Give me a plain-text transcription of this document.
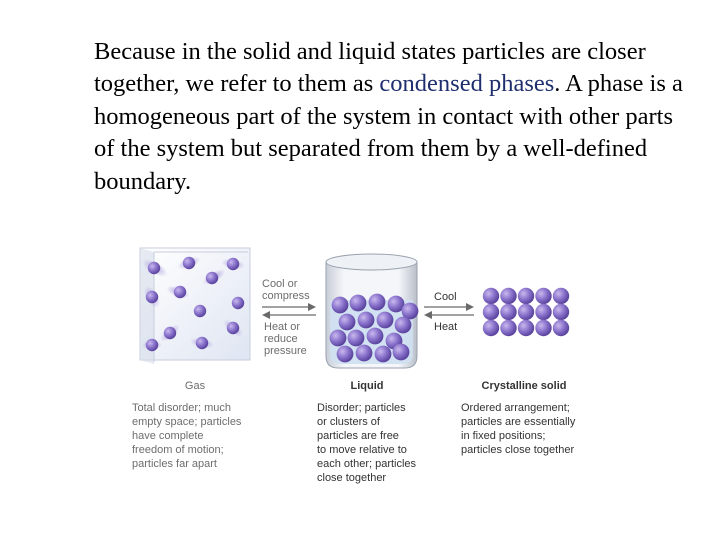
Because in the solid and liquid states particles are closer together, we refer to them as condensed phases. A phase is a homogeneous part of the system in contact with other parts of the system but separated from them by a well-defined boundary.
Cool or compress
Heat or reduce pressure
Cool
Heat
Gas	Liquid	Crystalline solid
Total disorder; much empty space; particles have complete freedom of motion; particles far apart
Disorder; particles or clusters of particles are free to move relative to each other; particles close together
Ordered arrangement; particles are essentially in fixed positions; particles close together
